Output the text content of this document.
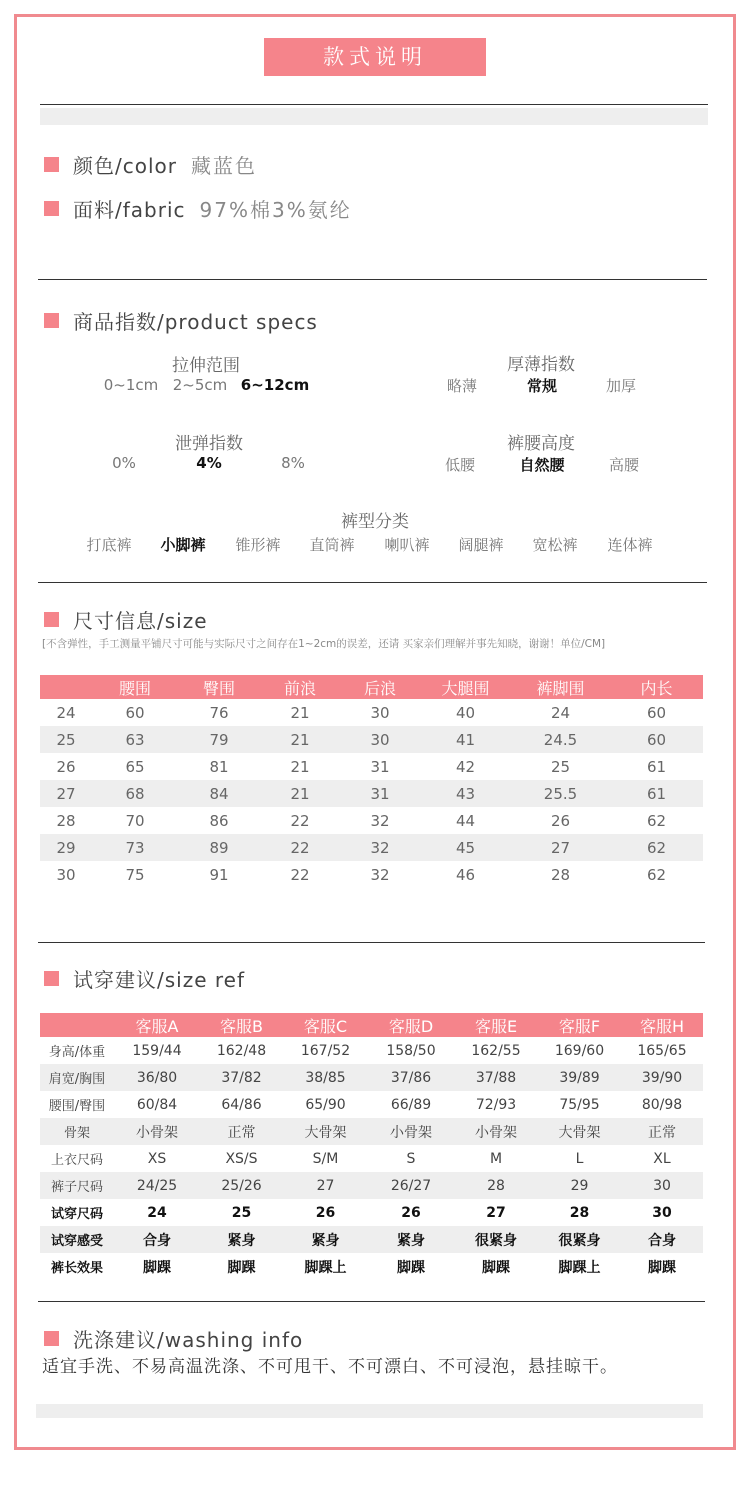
款式说明
颜色/color 藏蓝色
面料/fabric 97%棉3%氨纶
商品指数/product specs
拉伸范围
0~1cm 2~5cm 6~12cm
厚薄指数
略薄	常规	加厚
泄弹指数
0%	4%	8%
裤腰高度
低腰	自然腰	高腰
裤型分类
打底裤 小脚裤 锥形裤 直筒裤 喇叭裤 阔腿裤 宽松裤 连体裤
尺寸信息/size
[不含弹性，手工测量平铺尺寸可能与实际尺寸之间存在1~2cm的误差，还请 买家亲们理解并事先知晓，谢谢！单位/CM]
	腰围	臀围	前浪	后浪	大腿围	裤脚围	内长
24	60	76	21	30	40	24	60
25	63	79	21	30	41	24.5	60
26	65	81	21	31	42	25	61
27	68	84	21	31	43	25.5	61
28	70	86	22	32	44	26	62
29	73	89	22	32	45	27	62
30	75	91	22	32	46	28	62
试穿建议/size ref
	客服A	客服B	客服C	客服D	客服E	客服F	客服H
身高/体重	159/44	162/48	167/52	158/50	162/55	169/60	165/65
肩宽/胸围	36/80	37/82	38/85	37/86	37/88	39/89	39/90
腰围/臀围	60/84	64/86	65/90	66/89	72/93	75/95	80/98
骨架	小骨架	正常	大骨架	小骨架	小骨架	大骨架	正常
上衣尺码	XS	XS/S	S/M	S	M	L	XL
裤子尺码	24/25	25/26	27	26/27	28	29	30
试穿尺码	24	25	26	26	27	28	30
试穿感受	合身	紧身	紧身	紧身	很紧身	很紧身	合身
裤长效果	脚踝	脚踝	脚踝上	脚踝	脚踝	脚踝上	脚踝
洗涤建议/washing info
适宜手洗、不易高温洗涤、不可甩干、不可漂白、不可浸泡，悬挂晾干。
